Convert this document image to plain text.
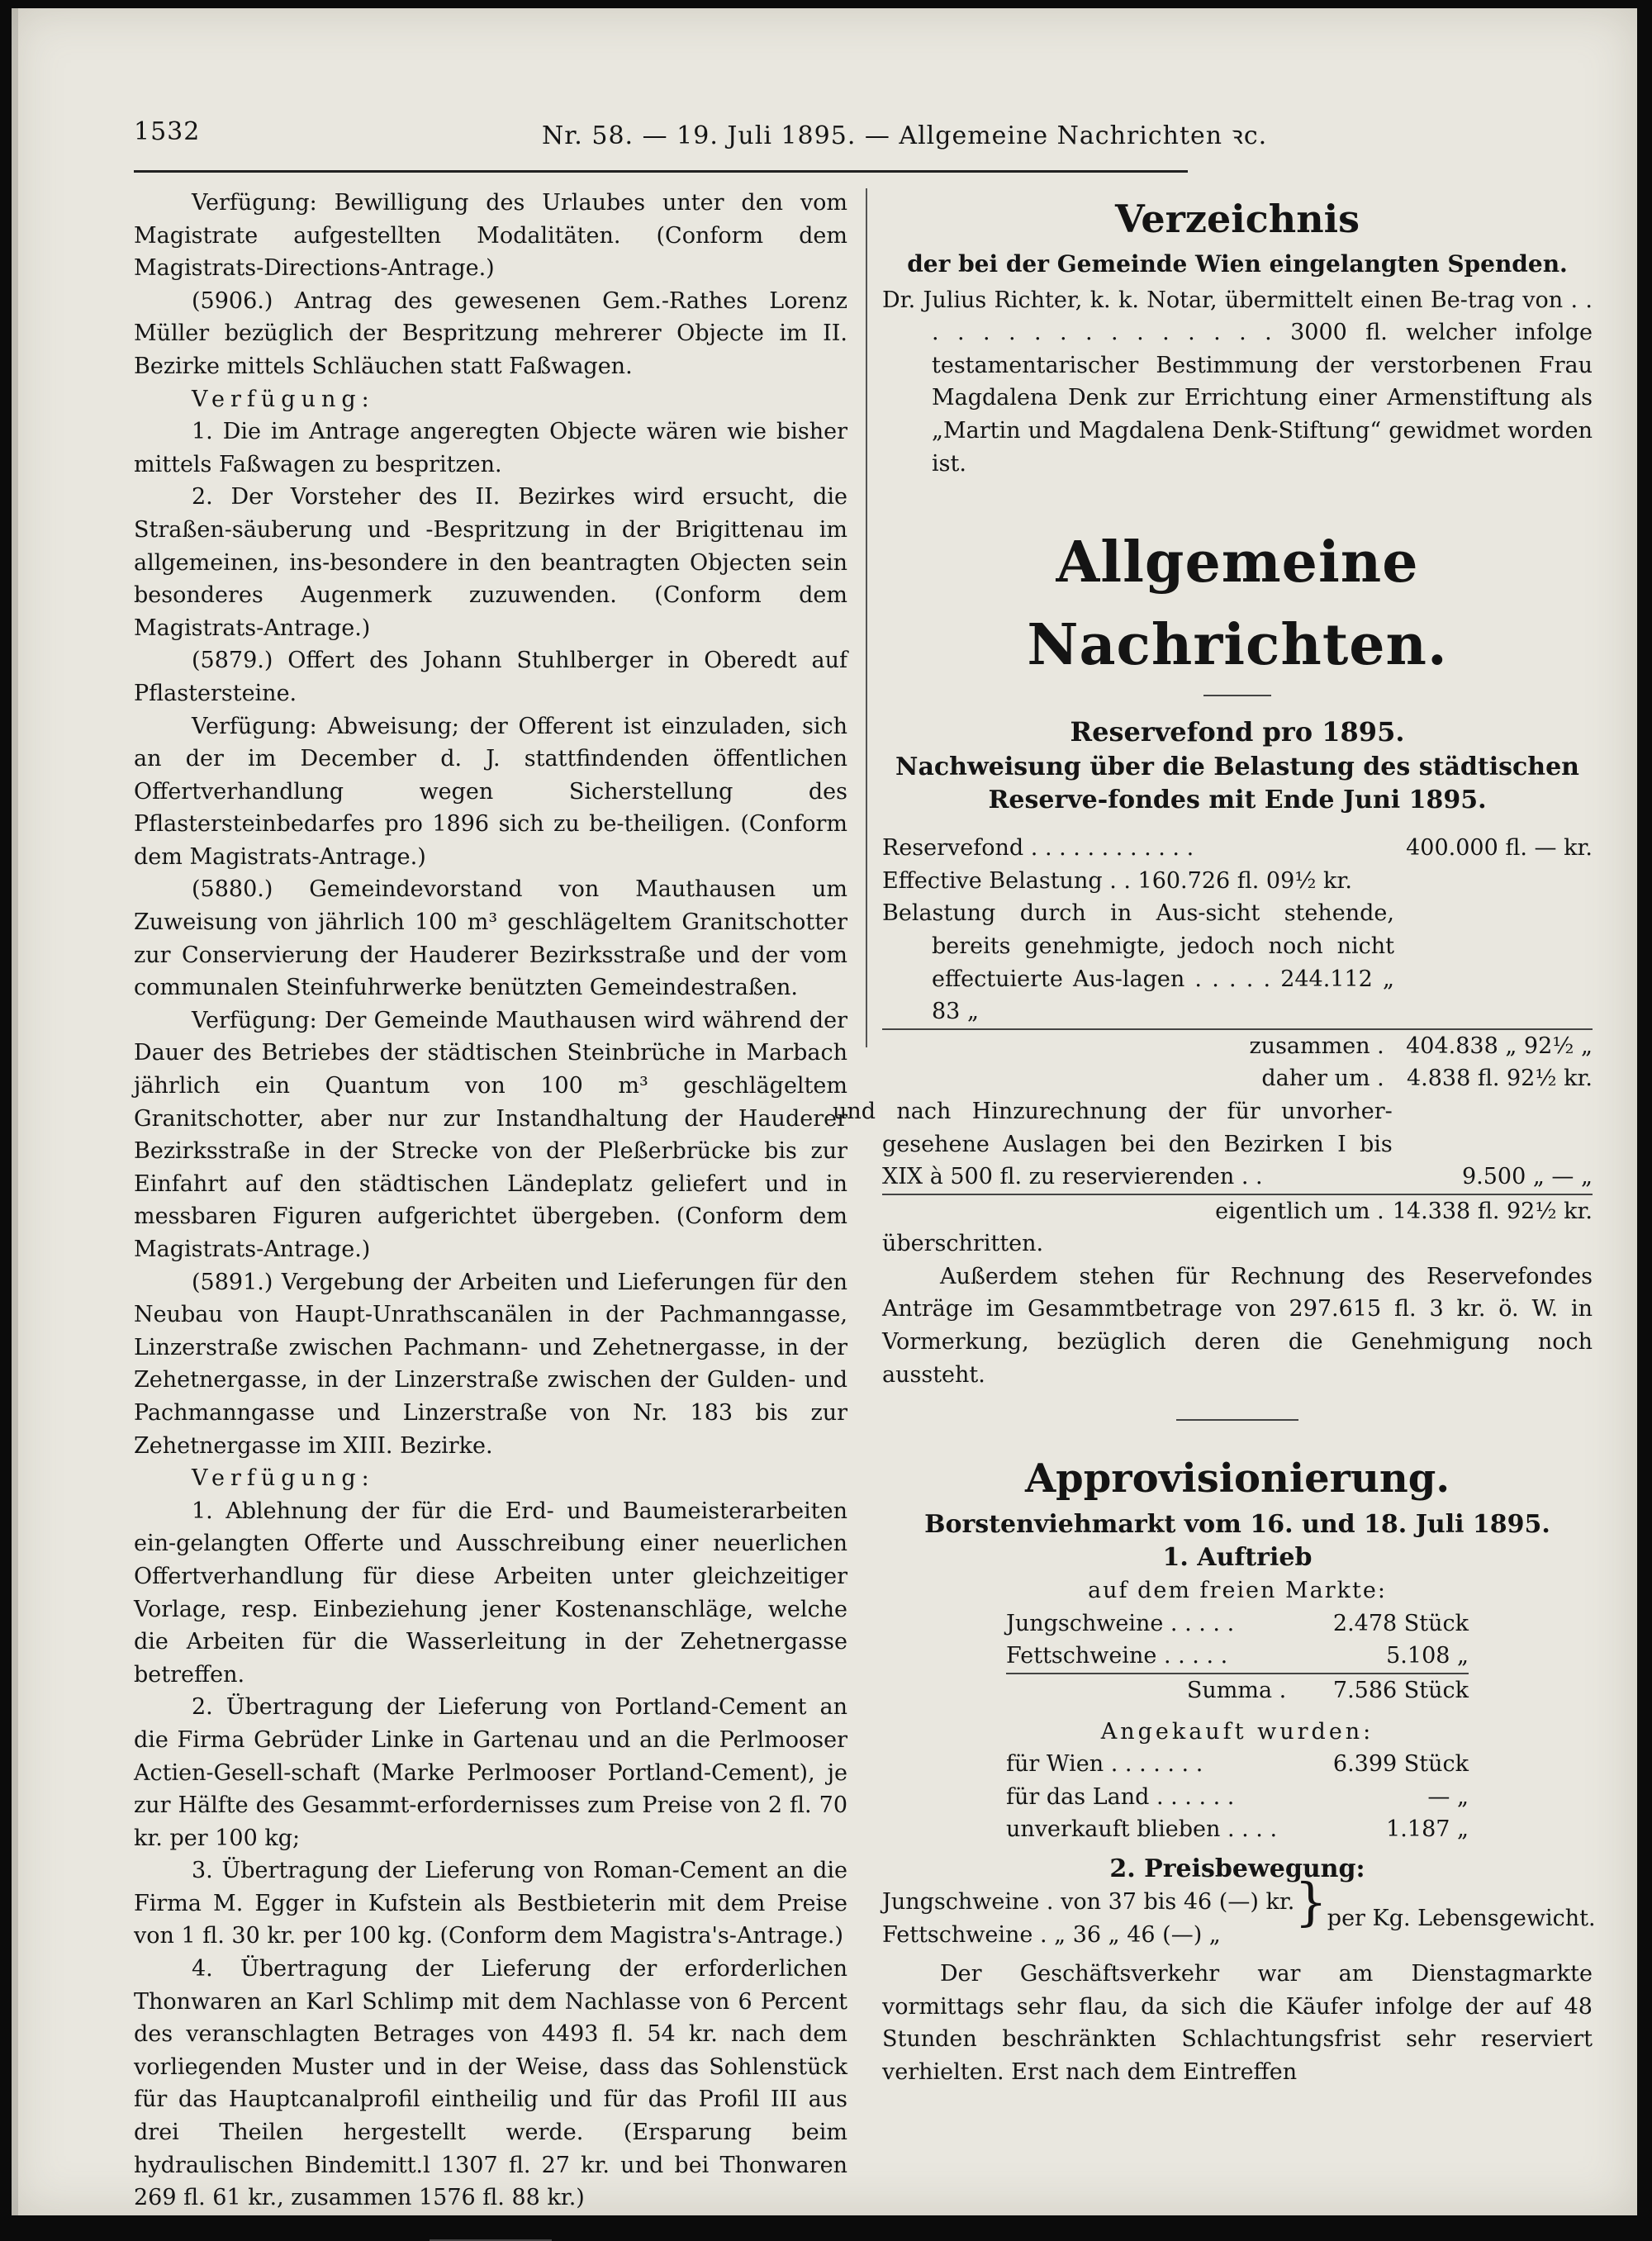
1532	Nr. 58. — 19. Juli 1895. — Allgemeine Nachrichten ꝛc.

Verfügung: Bewilligung des Urlaubes unter den vom Magistrate aufgestellten Modalitäten. (Conform dem Magistrats-Directions-Antrage.)

(5906.) Antrag des gewesenen Gem.-Rathes Lorenz Müller bezüglich der Bespritzung mehrerer Objecte im II. Bezirke mittels Schläuchen statt Faßwagen.

Verfügung:

1. Die im Antrage angeregten Objecte wären wie bisher mittels Faßwagen zu bespritzen.

2. Der Vorsteher des II. Bezirkes wird ersucht, die Straßen-säuberung und -Bespritzung in der Brigittenau im allgemeinen, ins-besondere in den beantragten Objecten sein besonderes Augenmerk zuzuwenden. (Conform dem Magistrats-Antrage.)

(5879.) Offert des Johann Stuhlberger in Oberedt auf Pflastersteine.

Verfügung: Abweisung; der Offerent ist einzuladen, sich an der im December d. J. stattfindenden öffentlichen Offertverhandlung wegen Sicherstellung des Pflastersteinbedarfes pro 1896 sich zu be-theiligen. (Conform dem Magistrats-Antrage.)

(5880.) Gemeindevorstand von Mauthausen um Zuweisung von jährlich 100 m³ geschlägeltem Granitschotter zur Conservierung der Hauderer Bezirksstraße und der vom communalen Steinfuhrwerke benützten Gemeindestraßen.

Verfügung: Der Gemeinde Mauthausen wird während der Dauer des Betriebes der städtischen Steinbrüche in Marbach jährlich ein Quantum von 100 m³ geschlägeltem Granitschotter, aber nur zur Instandhaltung der Hauderer Bezirksstraße in der Strecke von der Pleßerbrücke bis zur Einfahrt auf den städtischen Ländeplatz geliefert und in messbaren Figuren aufgerichtet übergeben. (Conform dem Magistrats-Antrage.)

(5891.) Vergebung der Arbeiten und Lieferungen für den Neubau von Haupt-Unrathscanälen in der Pachmanngasse, Linzerstraße zwischen Pachmann- und Zehetnergasse, in der Zehetnergasse, in der Linzerstraße zwischen der Gulden- und Pachmanngasse und Linzerstraße von Nr. 183 bis zur Zehetnergasse im XIII. Bezirke.

Verfügung:

1. Ablehnung der für die Erd- und Baumeisterarbeiten ein-gelangten Offerte und Ausschreibung einer neuerlichen Offertverhandlung für diese Arbeiten unter gleichzeitiger Vorlage, resp. Einbeziehung jener Kostenanschläge, welche die Arbeiten für die Wasserleitung in der Zehetnergasse betreffen.

2. Übertragung der Lieferung von Portland-Cement an die Firma Gebrüder Linke in Gartenau und an die Perlmooser Actien-Gesell-schaft (Marke Perlmooser Portland-Cement), je zur Hälfte des Gesammt-erfordernisses zum Preise von 2 fl. 70 kr. per 100 kg;

3. Übertragung der Lieferung von Roman-Cement an die Firma M. Egger in Kufstein als Bestbieterin mit dem Preise von 1 fl. 30 kr. per 100 kg. (Conform dem Magistra's-Antrage.)

4. Übertragung der Lieferung der erforderlichen Thonwaren an Karl Schlimp mit dem Nachlasse von 6 Percent des veranschlagten Betrages von 4493 fl. 54 kr. nach dem vorliegenden Muster und in der Weise, dass das Sohlenstück für das Hauptcanalprofil eintheilig und für das Profil III aus drei Theilen hergestellt werde. (Ersparung beim hydraulischen Bindemitt.l 1307 fl. 27 kr. und bei Thonwaren 269 fl. 61 kr., zusammen 1576 fl. 88 kr.)

Verzeichnis

der bei der Gemeinde Wien eingelangten Spenden.

Dr. Julius Richter, k. k. Notar, übermittelt einen Be-trag von . . . . . . . . . . . . . . . . 3000 fl. welcher infolge testamentarischer Bestimmung der verstorbenen Frau Magdalena Denk zur Errichtung einer Armenstiftung als „Martin und Magdalena Denk-Stiftung“ gewidmet worden ist.

Allgemeine Nachrichten.

Reservefond pro 1895.

Nachweisung über die Belastung des städtischen Reserve-fondes mit Ende Juni 1895.

Reservefond . . . . . . . . . . . .	400.000 fl. — kr.
Effective Belastung . . 160.726 fl. 09½ kr.	

Belastung durch in Aus-sicht stehende, bereits genehmigte, jedoch noch nicht effectuierte Aus-lagen . . . . . 244.112 „ 83 „	

zusammen .	404.838 „ 92½ „
daher um .	4.838 fl. 92½ kr.
und nach Hinzurechnung der für unvorher-gesehene Auslagen bei den Bezirken I bis XIX à 500 fl. zu reservierenden . .	9.500 „ — „
eigentlich um .	14.338 fl. 92½ kr.

überschritten.

Außerdem stehen für Rechnung des Reservefondes Anträge im Gesammtbetrage von 297.615 fl. 3 kr. ö. W. in Vormerkung, bezüglich deren die Genehmigung noch aussteht.

Approvisionierung.

Borstenviehmarkt vom 16. und 18. Juli 1895.

1. Auftrieb

auf dem freien Markte:

Jungschweine . . . . .	2.478 Stück
Fettschweine . . . . .	5.108 „
Summa .	7.586 Stück

Angekauft wurden:

für Wien . . . . . . .	6.399 Stück
für das Land . . . . . .	— „
unverkauft blieben . . . .	1.187 „

2. Preisbewegung:

Jungschweine . von 37 bis 46 (—) kr.
Fettschweine . „ 36 „ 46 (—) „
	}	per Kg. Lebensgewicht.

Der Geschäftsverkehr war am Dienstagmarkte vormittags sehr flau, da sich die Käufer infolge der auf 48 Stunden beschränkten Schlachtungsfrist sehr reserviert verhielten. Erst nach dem Eintreffen
